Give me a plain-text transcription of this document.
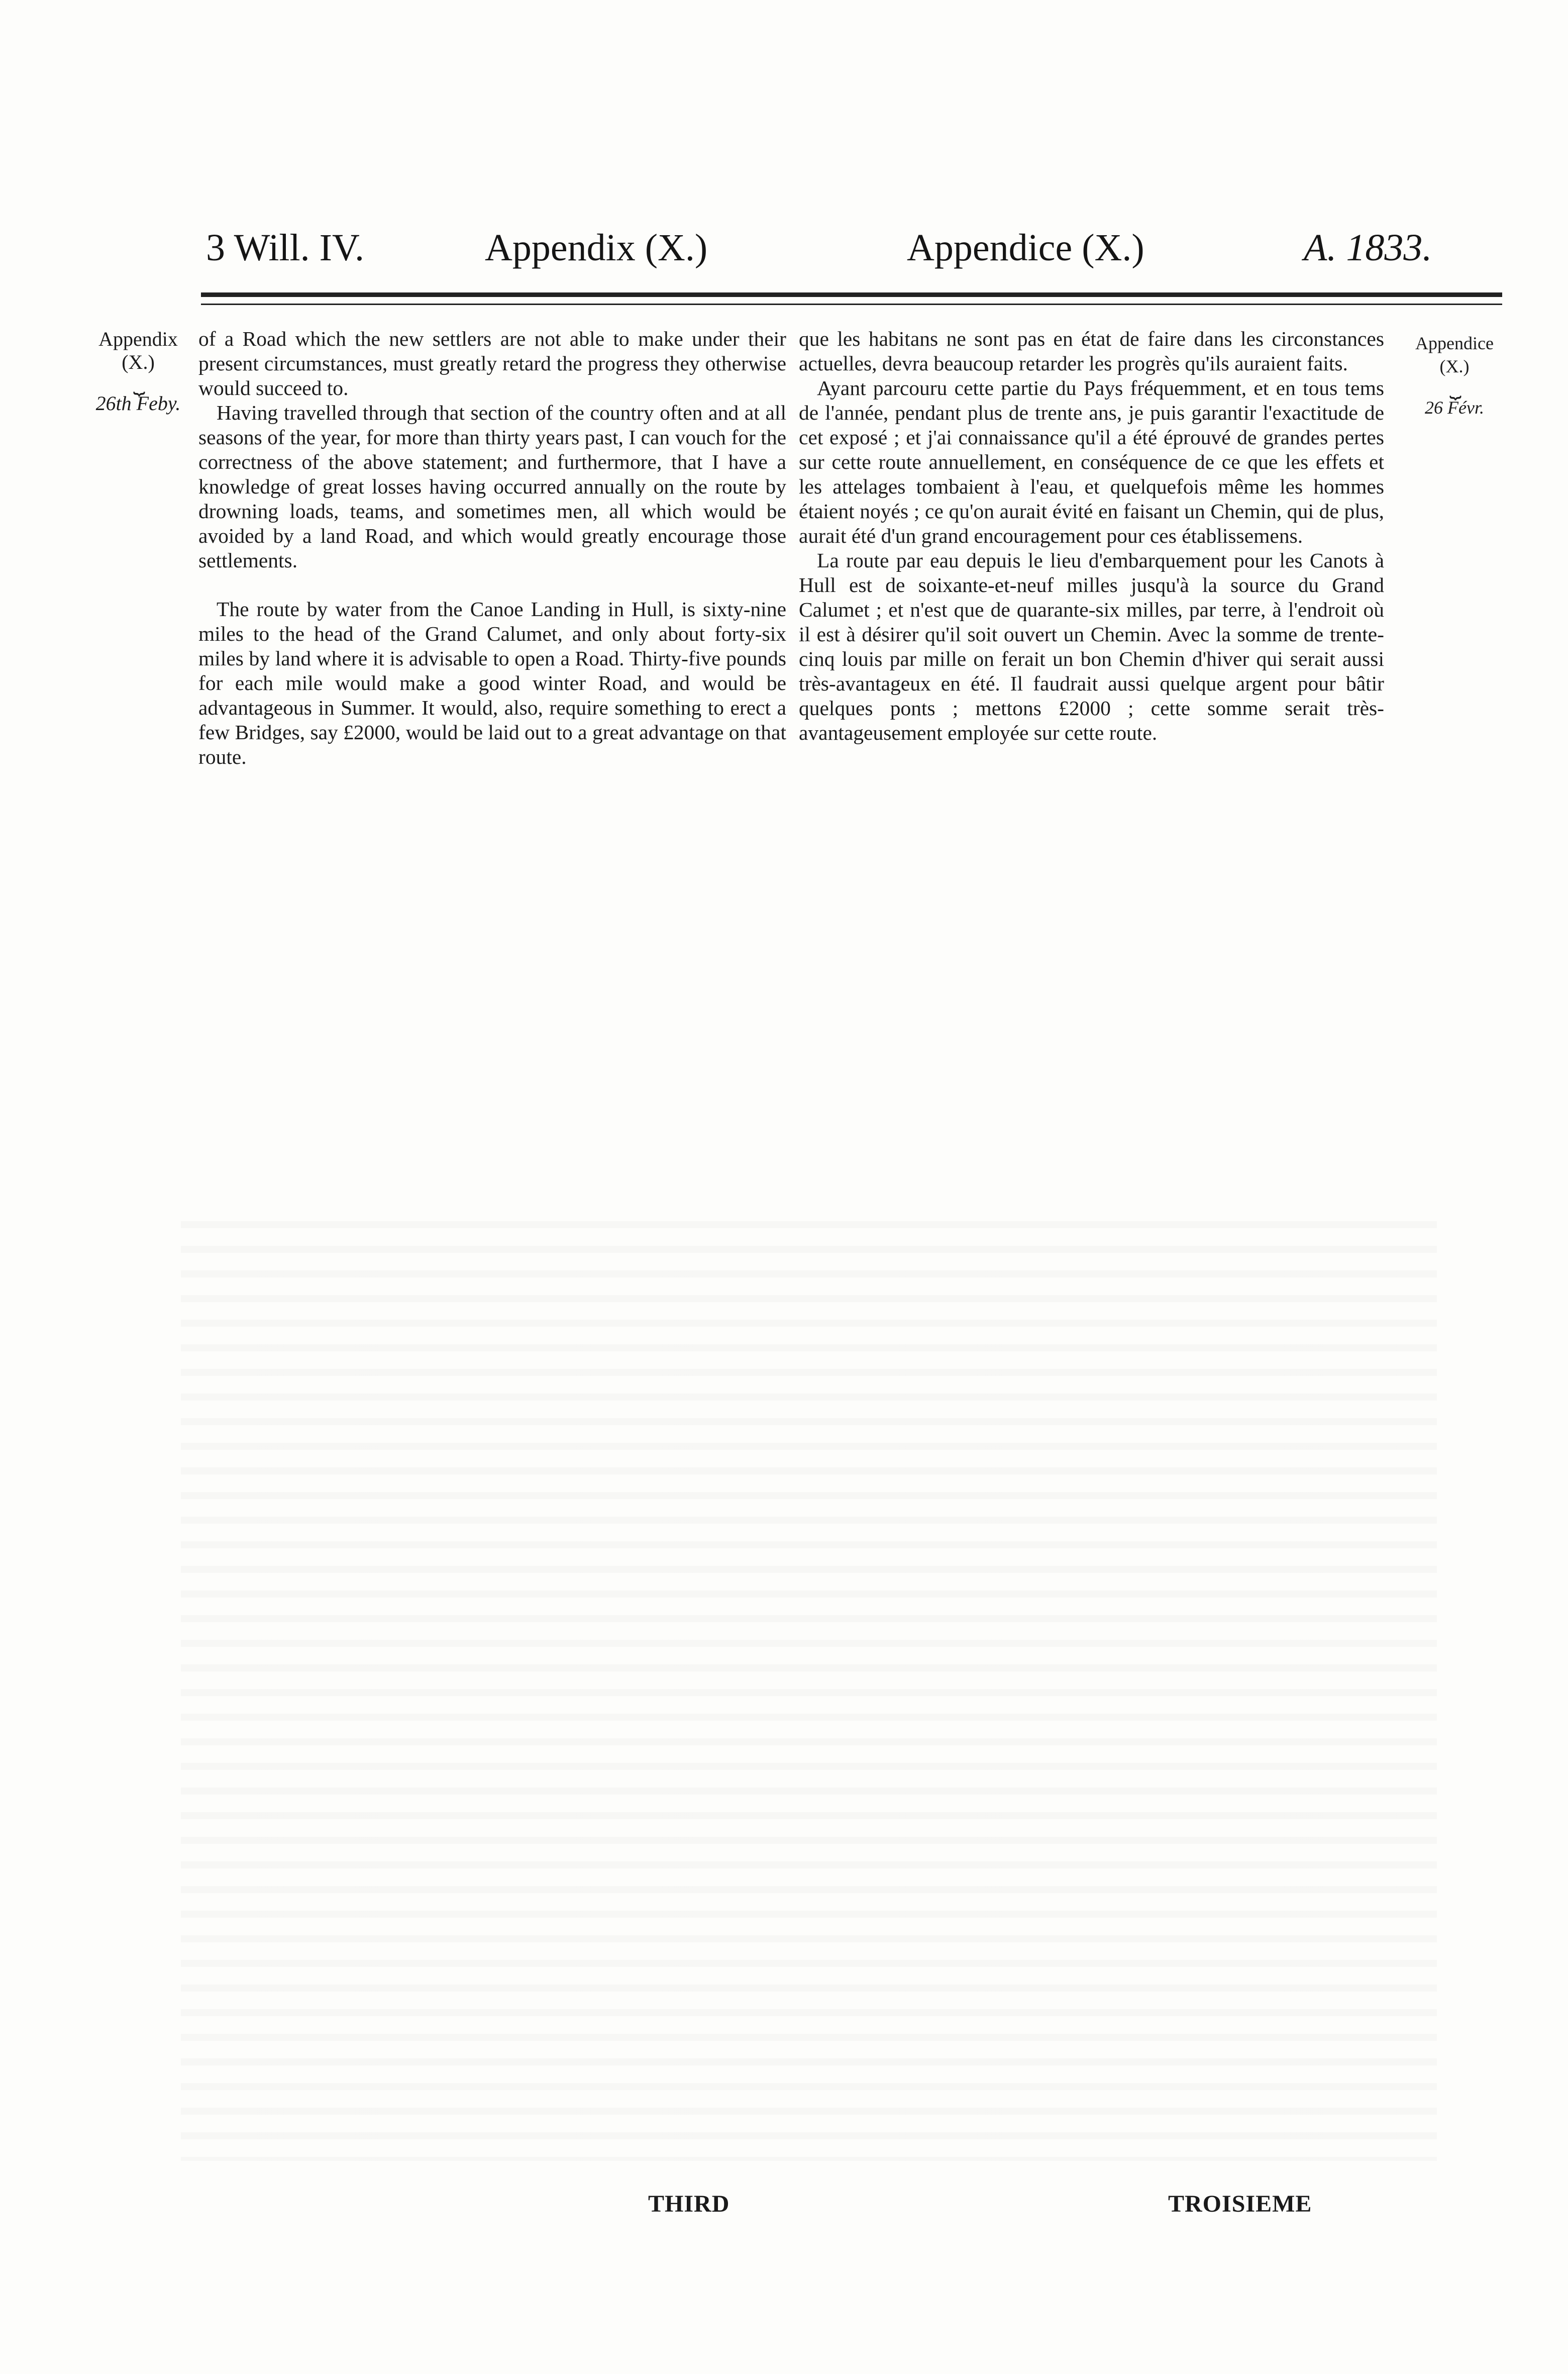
3 Will. IV.	Appendix (X.)	Appendice (X.)	A. 1833.
Appendix
(X.)
⏟
26th Feby.

of a Road which the new settlers are not able to make under their present circumstances, must greatly retard the progress they otherwise would succeed to.

Having travelled through that section of the country often and at all seasons of the year, for more than thirty years past, I can vouch for the correctness of the above statement; and furthermore, that I have a knowledge of great losses having occurred annually on the route by drowning loads, teams, and sometimes men, all which would be avoided by a land Road, and which would greatly encourage those settlements.

The route by water from the Canoe Landing in Hull, is sixty-nine miles to the head of the Grand Calumet, and only about forty-six miles by land where it is advisable to open a Road. Thirty-five pounds for each mile would make a good winter Road, and would be advantageous in Summer. It would, also, require something to erect a few Bridges, say £2000, would be laid out to a great advantage on that route.

que les habitans ne sont pas en état de faire dans les circonstances actuelles, devra beaucoup retarder les progrès qu'ils auraient faits.

Ayant parcouru cette partie du Pays fréquemment, et en tous tems de l'année, pendant plus de trente ans, je puis garantir l'exactitude de cet exposé ; et j'ai connaissance qu'il a été éprouvé de grandes pertes sur cette route annuellement, en conséquence de ce que les effets et les attelages tombaient à l'eau, et quelquefois même les hommes étaient noyés ; ce qu'on aurait évité en faisant un Chemin, qui de plus, aurait été d'un grand encouragement pour ces établissemens.

La route par eau depuis le lieu d'embarquement pour les Canots à Hull est de soixante-et-neuf milles jusqu'à la source du Grand Calumet ; et n'est que de quarante-six milles, par terre, à l'endroit où il est à désirer qu'il soit ouvert un Chemin. Avec la somme de trente-cinq louis par mille on ferait un bon Chemin d'hiver qui serait aussi très-avantageux en été. Il faudrait aussi quelque argent pour bâtir quelques ponts ; mettons £2000 ; cette somme serait très-avantageusement employée sur cette route.

Appendice
(X.)
⏟
26 Févr.
THIRD	TROISIEME
